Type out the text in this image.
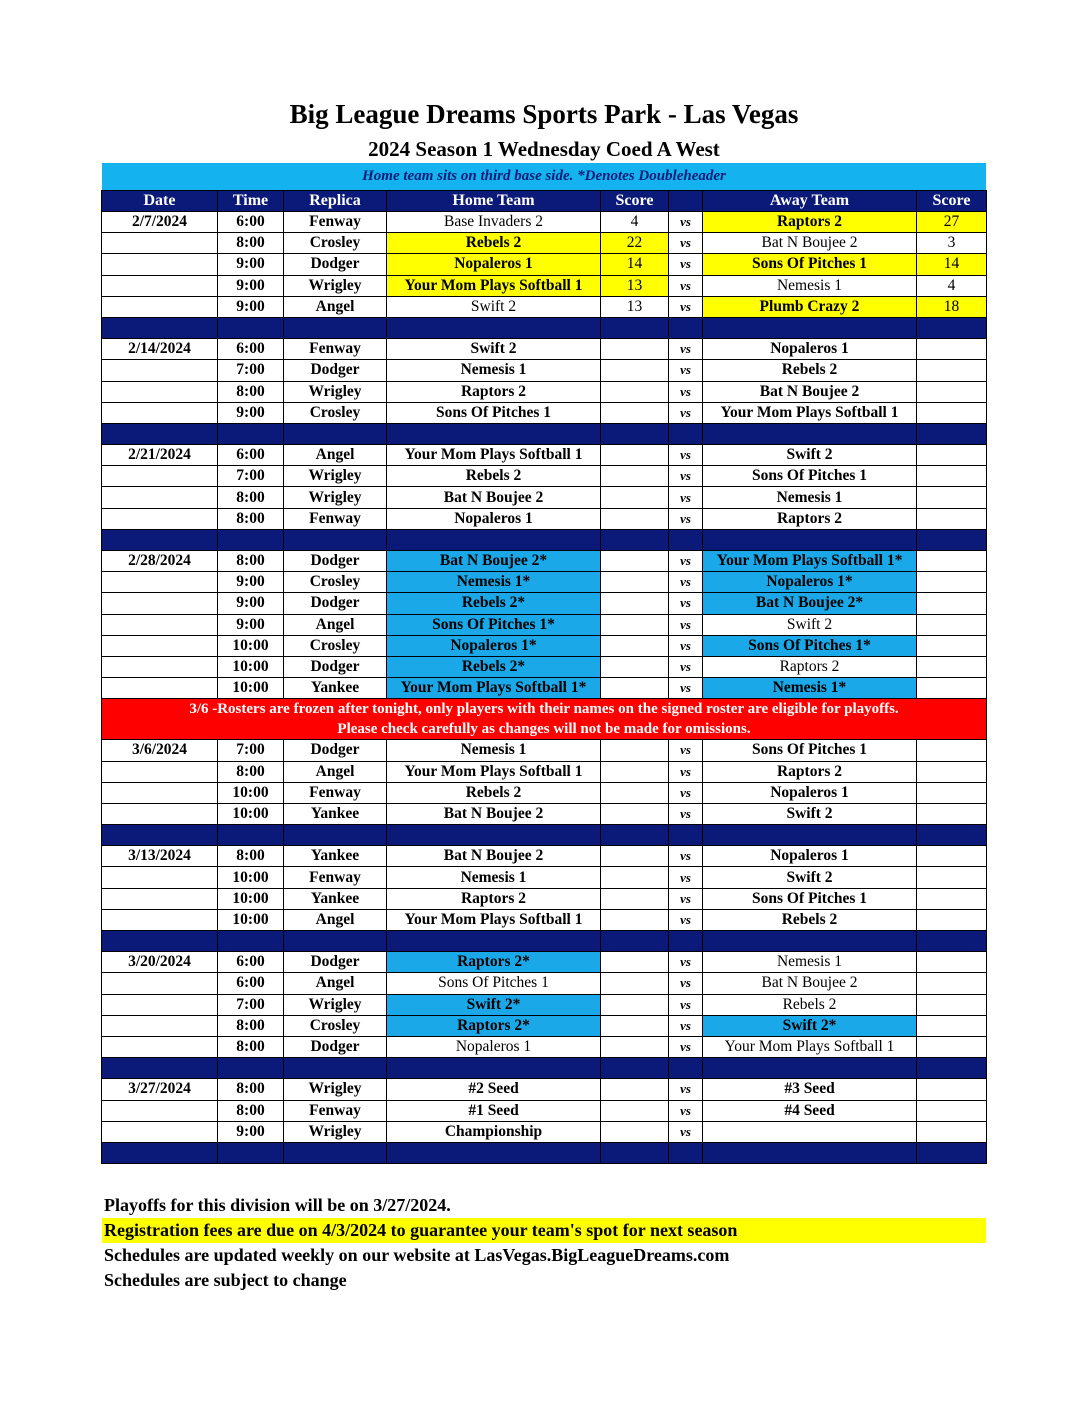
Big League Dreams Sports Park - Las Vegas
2024 Season 1 Wednesday Coed A West
Home team sits on third base side. *Denotes Doubleheader
Date	Time	Replica	Home Team	Score		Away Team	Score
2/7/2024	6:00	Fenway	Base Invaders 2	4	vs	Raptors 2	27
	8:00	Crosley	Rebels 2	22	vs	Bat N Boujee 2	3
	9:00	Dodger	Nopaleros 1	14	vs	Sons Of Pitches 1	14
	9:00	Wrigley	Your Mom Plays Softball 1	13	vs	Nemesis 1	4
	9:00	Angel	Swift 2	13	vs	Plumb Crazy 2	18

2/14/2024	6:00	Fenway	Swift 2		vs	Nopaleros 1	
	7:00	Dodger	Nemesis 1		vs	Rebels 2	
	8:00	Wrigley	Raptors 2		vs	Bat N Boujee 2	
	9:00	Crosley	Sons Of Pitches 1		vs	Your Mom Plays Softball 1	

2/21/2024	6:00	Angel	Your Mom Plays Softball 1		vs	Swift 2	
	7:00	Wrigley	Rebels 2		vs	Sons Of Pitches 1	
	8:00	Wrigley	Bat N Boujee 2		vs	Nemesis 1	
	8:00	Fenway	Nopaleros 1		vs	Raptors 2	

2/28/2024	8:00	Dodger	Bat N Boujee 2*		vs	Your Mom Plays Softball 1*	
	9:00	Crosley	Nemesis 1*		vs	Nopaleros 1*	
	9:00	Dodger	Rebels 2*		vs	Bat N Boujee 2*	
	9:00	Angel	Sons Of Pitches 1*		vs	Swift 2	
	10:00	Crosley	Nopaleros 1*		vs	Sons Of Pitches 1*	
	10:00	Dodger	Rebels 2*		vs	Raptors 2	
	10:00	Yankee	Your Mom Plays Softball 1*		vs	Nemesis 1*	

3/6 -Rosters are frozen after tonight, only players with their names on the signed roster are eligible for playoffs.
Please check carefully as changes will not be made for omissions.							

3/6/2024	7:00	Dodger	Nemesis 1		vs	Sons Of Pitches 1	
	8:00	Angel	Your Mom Plays Softball 1		vs	Raptors 2	
	10:00	Fenway	Rebels 2		vs	Nopaleros 1	
	10:00	Yankee	Bat N Boujee 2		vs	Swift 2	

3/13/2024	8:00	Yankee	Bat N Boujee 2		vs	Nopaleros 1	
	10:00	Fenway	Nemesis 1		vs	Swift 2	
	10:00	Yankee	Raptors 2		vs	Sons Of Pitches 1	
	10:00	Angel	Your Mom Plays Softball 1		vs	Rebels 2	

3/20/2024	6:00	Dodger	Raptors 2*		vs	Nemesis 1	
	6:00	Angel	Sons Of Pitches 1		vs	Bat N Boujee 2	
	7:00	Wrigley	Swift 2*		vs	Rebels 2	
	8:00	Crosley	Raptors 2*		vs	Swift 2*	
	8:00	Dodger	Nopaleros 1		vs	Your Mom Plays Softball 1	

3/27/2024	8:00	Wrigley	#2 Seed		vs	#3 Seed	
	8:00	Fenway	#1 Seed		vs	#4 Seed	
	9:00	Wrigley	Championship		vs		

Playoffs for this division will be on 3/27/2024.
Registration fees are due on 4/3/2024 to guarantee your team's spot for next season
Schedules are updated weekly on our website at LasVegas.BigLeagueDreams.com
Schedules are subject to change
